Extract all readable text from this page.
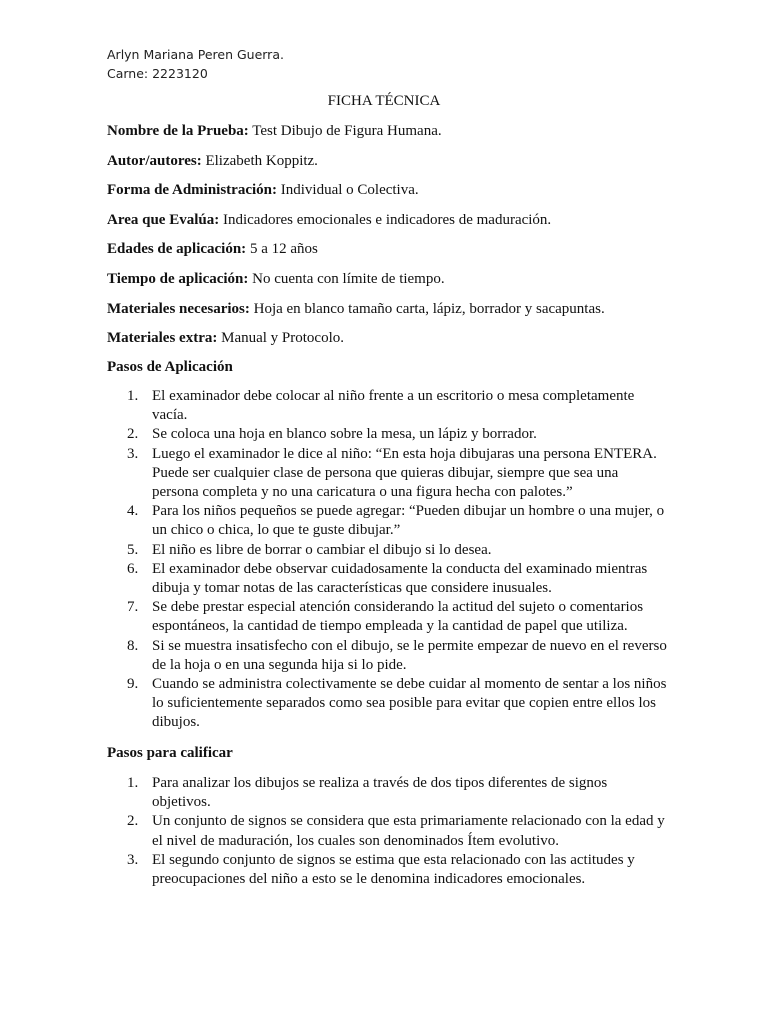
Arlyn Mariana Peren Guerra.
Carne: 2223120
FICHA TÉCNICA
Nombre de la Prueba: Test Dibujo de Figura Humana.
Autor/autores: Elizabeth Koppitz.
Forma de Administración: Individual o Colectiva.
Area que Evalúa: Indicadores emocionales e indicadores de maduración.
Edades de aplicación: 5 a 12 años
Tiempo de aplicación: No cuenta con límite de tiempo.
Materiales necesarios: Hoja en blanco tamaño carta, lápiz, borrador y sacapuntas.
Materiales extra: Manual y Protocolo.
Pasos de Aplicación
1. El examinador debe colocar al niño frente a un escritorio o mesa completamente vacía.
2. Se coloca una hoja en blanco sobre la mesa, un lápiz y borrador.
3. Luego el examinador le dice al niño: “En esta hoja dibujaras una persona ENTERA. Puede ser cualquier clase de persona que quieras dibujar, siempre que sea una persona completa y no una caricatura o una figura hecha con palotes.”
4. Para los niños pequeños se puede agregar: “Pueden dibujar un hombre o una mujer, o un chico o chica, lo que te guste dibujar.”
5. El niño es libre de borrar o cambiar el dibujo si lo desea.
6. El examinador debe observar cuidadosamente la conducta del examinado mientras dibuja y tomar notas de las características que considere inusuales.
7. Se debe prestar especial atención considerando la actitud del sujeto o comentarios espontáneos, la cantidad de tiempo empleada y la cantidad de papel que utiliza.
8. Si se muestra insatisfecho con el dibujo, se le permite empezar de nuevo en el reverso de la hoja o en una segunda hija si lo pide.
9. Cuando se administra colectivamente se debe cuidar al momento de sentar a los niños lo suficientemente separados como sea posible para evitar que copien entre ellos los dibujos.
Pasos para calificar
1. Para analizar los dibujos se realiza a través de dos tipos diferentes de signos objetivos.
2. Un conjunto de signos se considera que esta primariamente relacionado con la edad y el nivel de maduración, los cuales son denominados Ítem evolutivo.
3. El segundo conjunto de signos se estima que esta relacionado con las actitudes y preocupaciones del niño a esto se le denomina indicadores emocionales.
